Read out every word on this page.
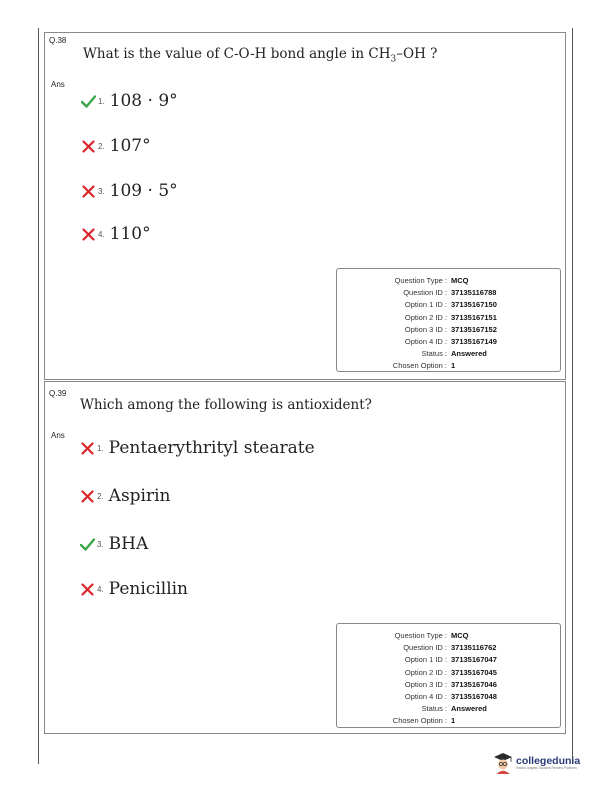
Q.38
What is the value of C-O-H bond angle in $CH_3-OH$ ?
Ans
1. 108 · 9°
2. 107°
3. 109 · 5°
4. 110°
Question Type :	MCQ
Question ID :	37135116788
Option 1 ID :	37135167150
Option 2 ID :	37135167151
Option 3 ID :	37135167152
Option 4 ID :	37135167149
Status :	Answered
Chosen Option :	1
Q.39
Which among the following is antioxident?
Ans
1. Pentaerythrityl stearate
2. Aspirin
3. BHA
4. Penicillin
Question Type :	MCQ
Question ID :	37135116762
Option 1 ID :	37135167047
Option 2 ID :	37135167045
Option 3 ID :	37135167046
Option 4 ID :	37135167048
Status :	Answered
Chosen Option :	1
collegedunia
India's largest Student Review Platform
